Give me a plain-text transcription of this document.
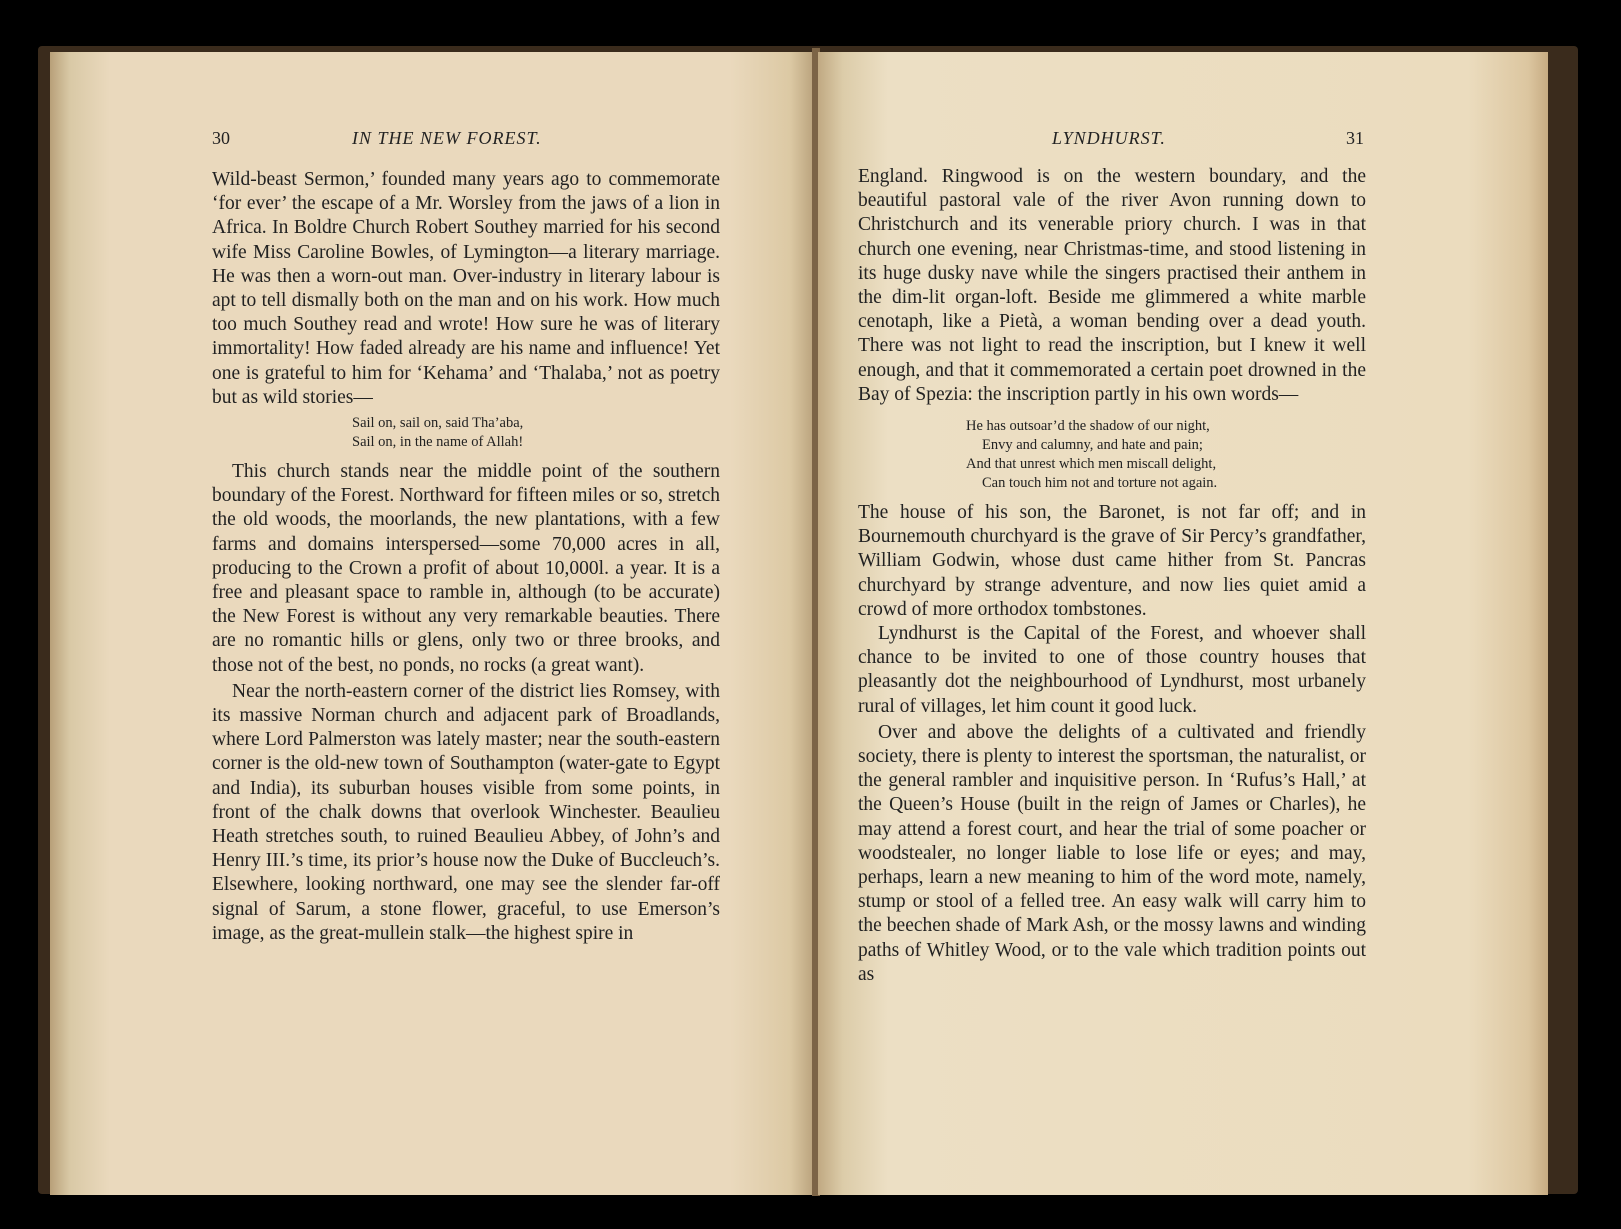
30	IN THE NEW FOREST.

Wild-beast Sermon,’ founded many years ago to commemorate ‘for ever’ the escape of a Mr. Worsley from the jaws of a lion in Africa. In Boldre Church Robert Southey married for his second wife Miss Caroline Bowles, of Lymington—a literary marriage. He was then a worn-out man. Over-industry in literary labour is apt to tell dismally both on the man and on his work. How much too much Southey read and wrote! How sure he was of literary immortality! How faded already are his name and influence! Yet one is grateful to him for ‘Kehama’ and ‘Thalaba,’ not as poetry but as wild stories—

Sail on, sail on, said Tha’aba,
Sail on, in the name of Allah!

This church stands near the middle point of the southern boundary of the Forest. Northward for fifteen miles or so, stretch the old woods, the moorlands, the new plantations, with a few farms and domains interspersed—some 70,000 acres in all, producing to the Crown a profit of about 10,000l. a year. It is a free and pleasant space to ramble in, although (to be accurate) the New Forest is without any very remarkable beauties. There are no romantic hills or glens, only two or three brooks, and those not of the best, no ponds, no rocks (a great want).

Near the north-eastern corner of the district lies Romsey, with its massive Norman church and adjacent park of Broadlands, where Lord Palmerston was lately master; near the south-eastern corner is the old-new town of Southampton (water-gate to Egypt and India), its suburban houses visible from some points, in front of the chalk downs that overlook Winchester. Beaulieu Heath stretches south, to ruined Beaulieu Abbey, of John’s and Henry III.’s time, its prior’s house now the Duke of Buccleuch’s. Elsewhere, looking northward, one may see the slender far-off signal of Sarum, a stone flower, graceful, to use Emerson’s image, as the great-mullein stalk—the highest spire in

LYNDHURST.	31

England. Ringwood is on the western boundary, and the beautiful pastoral vale of the river Avon running down to Christchurch and its venerable priory church. I was in that church one evening, near Christmas-time, and stood listening in its huge dusky nave while the singers practised their anthem in the dim-lit organ-loft. Beside me glimmered a white marble cenotaph, like a Pietà, a woman bending over a dead youth. There was not light to read the inscription, but I knew it well enough, and that it commemorated a certain poet drowned in the Bay of Spezia: the inscription partly in his own words—

He has outsoar’d the shadow of our night,
Envy and calumny, and hate and pain;
And that unrest which men miscall delight,
Can touch him not and torture not again.

The house of his son, the Baronet, is not far off; and in Bournemouth churchyard is the grave of Sir Percy’s grandfather, William Godwin, whose dust came hither from St. Pancras churchyard by strange adventure, and now lies quiet amid a crowd of more orthodox tombstones.

Lyndhurst is the Capital of the Forest, and whoever shall chance to be invited to one of those country houses that pleasantly dot the neighbourhood of Lyndhurst, most urbanely rural of villages, let him count it good luck.

Over and above the delights of a cultivated and friendly society, there is plenty to interest the sportsman, the naturalist, or the general rambler and inquisitive person. In ‘Rufus’s Hall,’ at the Queen’s House (built in the reign of James or Charles), he may attend a forest court, and hear the trial of some poacher or woodstealer, no longer liable to lose life or eyes; and may, perhaps, learn a new meaning to him of the word mote, namely, stump or stool of a felled tree. An easy walk will carry him to the beechen shade of Mark Ash, or the mossy lawns and winding paths of Whitley Wood, or to the vale which tradition points out as
